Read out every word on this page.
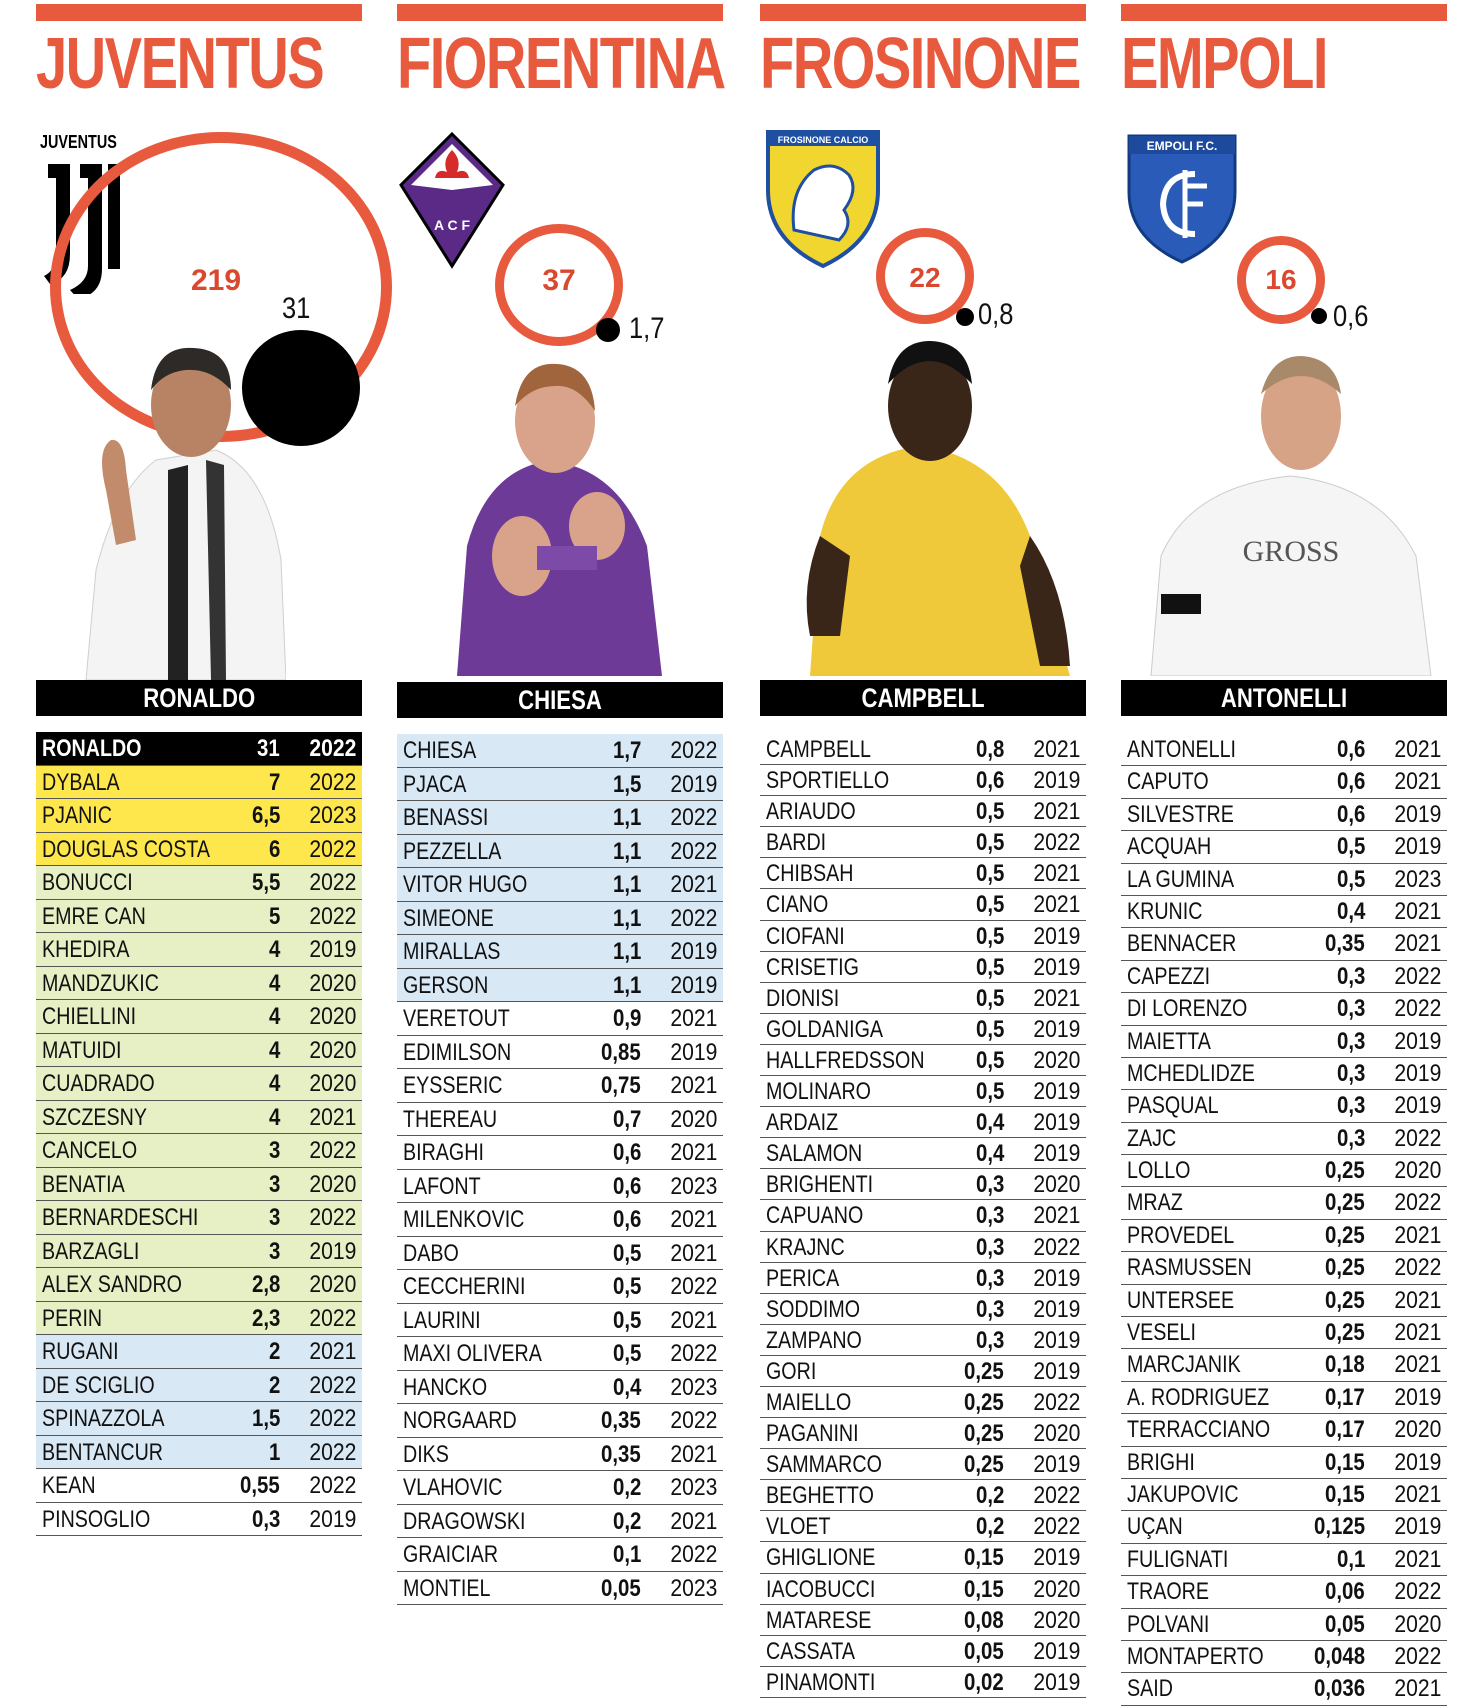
JUVENTUS
JUVENTUS
219
31
RONALDO
RONALDO	31 2022
DYBALA	7 2022
PJANIC	6,5 2023
DOUGLAS COSTA 6 2022
BONUCCI	5,5 2022
EMRE CAN	5 2022
KHEDIRA	4 2019
MANDZUKIC	4 2020
CHIELLINI	4 2020
MATUIDI	4 2020
CUADRADO	4 2020
SZCZESNY	4 2021
CANCELO	3 2022
BENATIA	3 2020
BERNARDESCHI	3 2022
BARZAGLI	3 2019
ALEX SANDRO	2,8 2020
PERIN	2,3 2022
RUGANI	2 2021
DE SCIGLIO	2 2022
SPINAZZOLA	1,5 2022
BENTANCUR	1 2022
KEAN	0,55 2022
PINSOGLIO	0,3 2019
FIORENTINA
A C F
37
1,7
CHIESA
CHIESA	1,7 2022
PJACA	1,5 2019
BENASSI	1,1 2022
PEZZELLA	1,1 2022
VITOR HUGO	1,1 2021
SIMEONE	1,1 2022
MIRALLAS	1,1 2019
GERSON	1,1 2019
VERETOUT	0,9 2021
EDIMILSON	0,85 2019
EYSSERIC	0,75 2021
THEREAU	0,7 2020
BIRAGHI	0,6 2021
LAFONT	0,6 2023
MILENKOVIC	0,6 2021
DABO	0,5 2021
CECCHERINI	0,5 2022
LAURINI	0,5 2021
MAXI OLIVERA	0,5 2022
HANCKO	0,4 2023
NORGAARD	0,35 2022
DIKS	0,35 2021
VLAHOVIC	0,2 2023
DRAGOWSKI	0,2 2021
GRAICIAR	0,1 2022
MONTIEL	0,05 2023
FROSINONE
FROSINONE CALCIO
22
0,8
CAMPBELL
CAMPBELL	0,8 2021
SPORTIELLO	0,6 2019
ARIAUDO	0,5 2021
BARDI	0,5 2022
CHIBSAH	0,5 2021
CIANO	0,5 2021
CIOFANI	0,5 2019
CRISETIG	0,5 2019
DIONISI	0,5 2021
GOLDANIGA	0,5 2019
HALLFREDSSON 0,5 2020
MOLINARO	0,5 2019
ARDAIZ	0,4 2019
SALAMON	0,4 2019
BRIGHENTI	0,3 2020
CAPUANO	0,3 2021
KRAJNC	0,3 2022
PERICA	0,3 2019
SODDIMO	0,3 2019
ZAMPANO	0,3 2019
GORI	0,25 2019
MAIELLO	0,25 2022
PAGANINI	0,25 2020
SAMMARCO	0,25 2019
BEGHETTO	0,2 2022
VLOET	0,2 2022
GHIGLIONE	0,15 2019
IACOBUCCI	0,15 2020
MATARESE	0,08 2020
CASSATA	0,05 2019
PINAMONTI	0,02 2019
EMPOLI
EMPOLI F.C.
16
0,6
GROSS
ANTONELLI
ANTONELLI	0,6 2021
CAPUTO	0,6 2021
SILVESTRE	0,6 2019
ACQUAH	0,5 2019
LA GUMINA	0,5 2023
KRUNIC	0,4 2021
BENNACER	0,35 2021
CAPEZZI	0,3 2022
DI LORENZO	0,3 2022
MAIETTA	0,3 2019
MCHEDLIDZE	0,3 2019
PASQUAL	0,3 2019
ZAJC	0,3 2022
LOLLO	0,25 2020
MRAZ	0,25 2022
PROVEDEL	0,25 2021
RASMUSSEN	0,25 2022
UNTERSEE	0,25 2021
VESELI	0,25 2021
MARCJANIK	0,18 2021
A. RODRIGUEZ 0,17 2019
TERRACCIANO 0,17 2020
BRIGHI	0,15 2019
JAKUPOVIC	0,15 2021
UÇAN	0,125 2019
FULIGNATI	0,1 2021
TRAORE	0,06 2022
POLVANI	0,05 2020
MONTAPERTO 0,048 2022
SAID	0,036 2021
